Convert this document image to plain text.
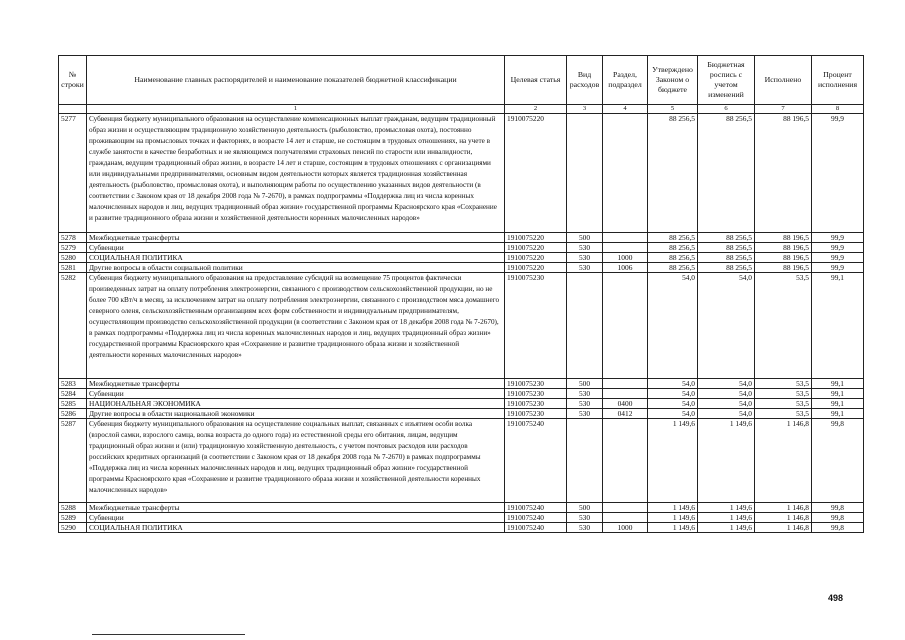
№ строки	Наименование главных распорядителей и наименование показателей бюджетной классификации	Целевая статья	Вид расходов	Раздел, подраздел	Утверждено Законом о бюджете	Бюджетная роспись с учетом изменений	Исполнено	Процент исполнения
	1	2	3	4	5	6	7	8
5277	Субвенция бюджету муниципального образования на осуществление компенсационных выплат гражданам, ведущим традиционный образ жизни и осуществляющим традиционную хозяйственную деятельность (рыболовство, промысловая охота), постоянно проживающим на промысловых точках и факториях, в возрасте 14 лет и старше, не состоящим в трудовых отношениях, на учете в службе занятости в качестве безработных и не являющимся получателями страховых пенсий по старости или инвалидности, гражданам, ведущим традиционный образ жизни, в возрасте 14 лет и старше, состоящим в трудовых отношениях с организациями или индивидуальными предпринимателями, основным видом деятельности которых является традиционная хозяйственная деятельность (рыболовство, промысловая охота), и выполняющим работы по осуществлению указанных видов деятельности (в соответствии с Законом края от 18 декабря 2008 года № 7-2670), в рамках подпрограммы «Поддержка лиц из числа коренных малочисленных народов и лиц, ведущих традиционный образ жизни» государственной программы Красноярского края «Сохранение и развитие традиционного образа жизни и хозяйственной деятельности коренных малочисленных народов»	1910075220			88 256,5	88 256,5	88 196,5	99,9
5278	Межбюджетные трансферты	1910075220	500		88 256,5	88 256,5	88 196,5	99,9
5279	Субвенции	1910075220	530		88 256,5	88 256,5	88 196,5	99,9
5280	СОЦИАЛЬНАЯ ПОЛИТИКА	1910075220	530	1000	88 256,5	88 256,5	88 196,5	99,9
5281	Другие вопросы в области социальной политики	1910075220	530	1006	88 256,5	88 256,5	88 196,5	99,9
5282	Субвенция бюджету муниципального образования на предоставление субсидий на возмещение 75 процентов фактически произведенных затрат на оплату потребления электроэнергии, связанного с производством сельскохозяйственной продукции, но не более 700 кВт/ч в месяц, за исключением затрат на оплату потребления электроэнергии, связанного с производством мяса домашнего северного оленя, сельскохозяйственным организациям всех форм собственности и индивидуальным предпринимателям, осуществляющим производство сельскохозяйственной продукции (в соответствии с Законом края от 18 декабря 2008 года № 7-2670), в рамках подпрограммы «Поддержка лиц из числа коренных малочисленных народов и лиц, ведущих традиционный образ жизни» государственной программы Красноярского края «Сохранение и развитие традиционного образа жизни и хозяйственной деятельности коренных малочисленных народов»	1910075230			54,0	54,0	53,5	99,1
5283	Межбюджетные трансферты	1910075230	500		54,0	54,0	53,5	99,1
5284	Субвенции	1910075230	530		54,0	54,0	53,5	99,1
5285	НАЦИОНАЛЬНАЯ ЭКОНОМИКА	1910075230	530	0400	54,0	54,0	53,5	99,1
5286	Другие вопросы в области национальной экономики	1910075230	530	0412	54,0	54,0	53,5	99,1
5287	Субвенция бюджету муниципального образования на осуществление социальных выплат, связанных с изъятием особи волка (взрослой самки, взрослого самца, волка возраста до одного года) из естественной среды его обитания, лицам, ведущим традиционный образ жизни и (или) традиционную хозяйственную деятельность, с учетом почтовых расходов или расходов российских кредитных организаций (в соответствии с Законом края от 18 декабря 2008 года № 7-2670) в рамках подпрограммы «Поддержка лиц из числа коренных малочисленных народов и лиц, ведущих традиционный образ жизни» государственной программы Красноярского края «Сохранение и развитие традиционного образа жизни и хозяйственной деятельности коренных малочисленных народов»	1910075240			1 149,6	1 149,6	1 146,8	99,8
5288	Межбюджетные трансферты	1910075240	500		1 149,6	1 149,6	1 146,8	99,8
5289	Субвенции	1910075240	530		1 149,6	1 149,6	1 146,8	99,8
5290	СОЦИАЛЬНАЯ ПОЛИТИКА	1910075240	530	1000	1 149,6	1 149,6	1 146,8	99,8
498
